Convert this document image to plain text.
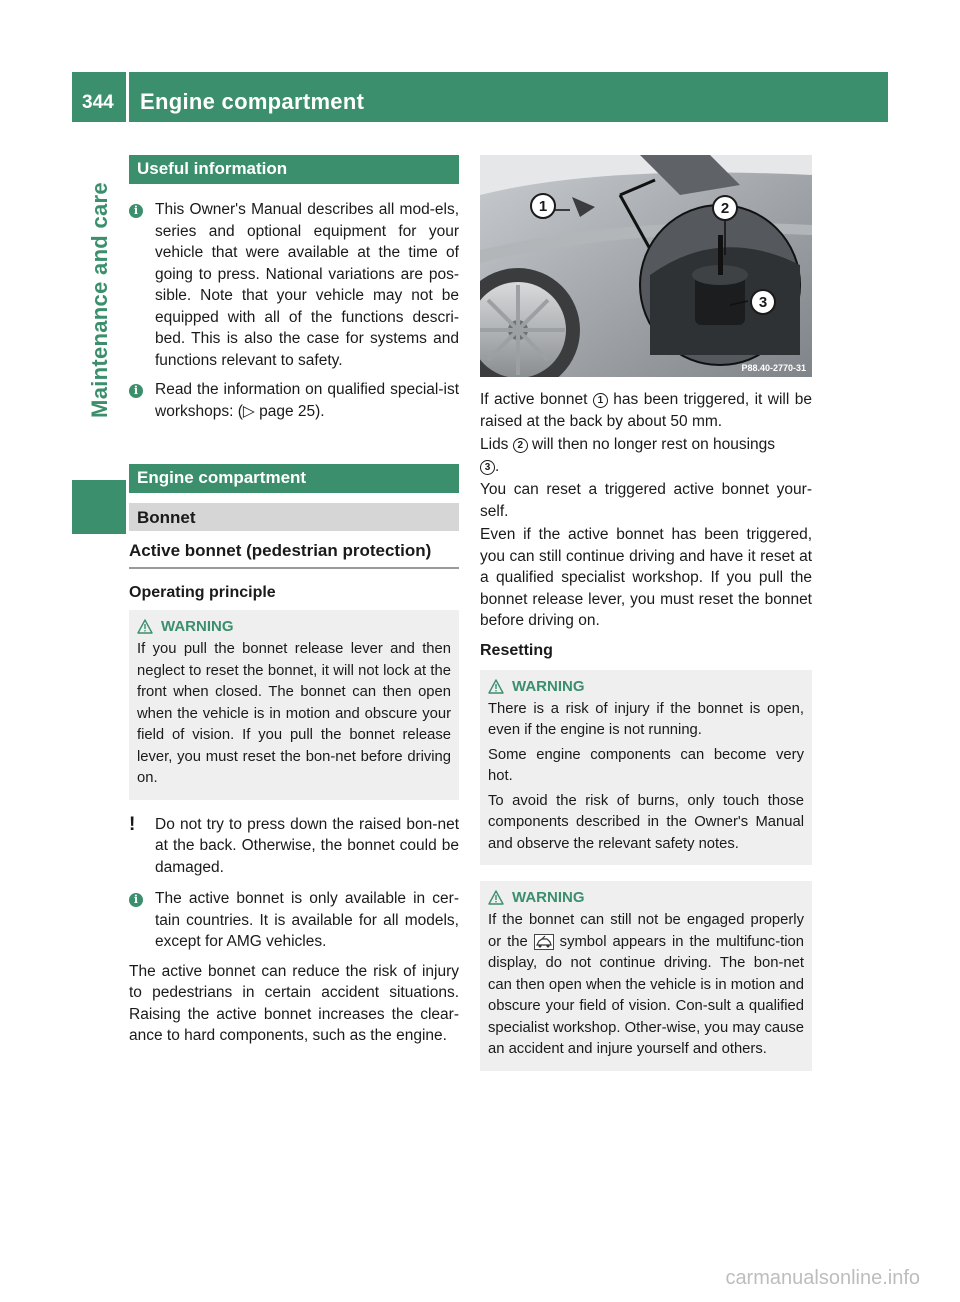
344 Engine compartment
Maintenance and care
Useful information
i	This Owner's Manual describes all mod-els, series and optional equipment for your vehicle that were available at the time of going to press. National variations are pos-sible. Note that your vehicle may not be equipped with all of the functions descri-bed. This is also the case for systems and functions relevant to safety.
i	Read the information on qualified special-ist workshops: (▷ page 25).
Engine compartment
Bonnet
Active bonnet (pedestrian protection)
Operating principle
WARNING
If you pull the bonnet release lever and then neglect to reset the bonnet, it will not lock at the front when closed. The bonnet can then open when the vehicle is in motion and obscure your field of vision. If you pull the bonnet release lever, you must reset the bon-net before driving on.
!	Do not try to press down the raised bon-net at the back. Otherwise, the bonnet could be damaged.
i	The active bonnet is only available in cer-tain countries. It is available for all models, except for AMG vehicles.
The active bonnet can reduce the risk of injury to pedestrians in certain accident situations. Raising the active bonnet increases the clear-ance to hard components, such as the engine.
1	2
3
P88.40-2770-31
If active bonnet 1 has been triggered, it will be raised at the back by about 50 mm.
Lids 2 will then no longer rest on housings
3 .
You can reset a triggered active bonnet your-self.
Even if the active bonnet has been triggered, you can still continue driving and have it reset at a qualified specialist workshop. If you pull the bonnet release lever, you must reset the bonnet before driving on.
Resetting
WARNING
There is a risk of injury if the bonnet is open, even if the engine is not running.
Some engine components can become very hot.
To avoid the risk of burns, only touch those components described in the Owner's Manual and observe the relevant safety notes.
WARNING
If the bonnet can still not be engaged properly or the  symbol appears in the multifunc-tion display, do not continue driving. The bon-net can then open when the vehicle is in motion and obscure your field of vision. Con-sult a qualified specialist workshop. Other-wise, you may cause an accident and injure yourself and others.
carmanualsonline.info
